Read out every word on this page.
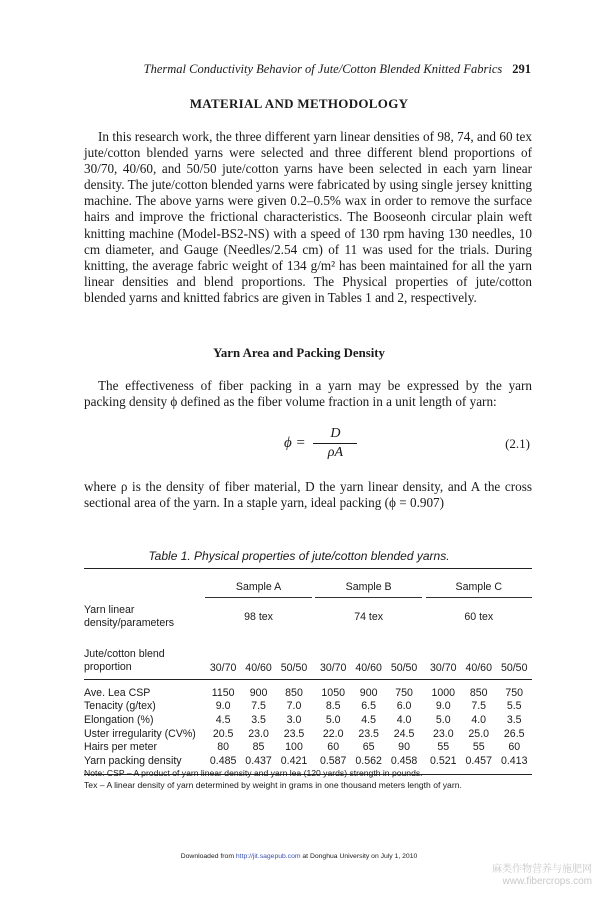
Thermal Conductivity Behavior of Jute/Cotton Blended Knitted Fabrics 291
MATERIAL AND METHODOLOGY

In this research work, the three different yarn linear densities of 98, 74, and 60 tex jute/cotton blended yarns were selected and three different blend proportions of 30/70, 40/60, and 50/50 jute/cotton yarns have been selected in each yarn linear density. The jute/cotton blended yarns were fabricated by using single jersey knitting machine. The above yarns were given 0.2–0.5% wax in order to remove the surface hairs and improve the frictional characteristics. The Booseonh circular plain weft knitting machine (Model-BS2-NS) with a speed of 130 rpm having 130 needles, 10 cm diameter, and Gauge (Needles/2.54 cm) of 11 was used for the trials. During knitting, the average fabric weight of 134 g/m² has been maintained for all the yarn linear densities and blend proportions. The Physical properties of jute/cotton blended yarns and knitted fabrics are given in Tables 1 and 2, respectively.

Yarn Area and Packing Density

The effectiveness of fiber packing in a yarn may be expressed by the yarn packing density ϕ defined as the fiber volume fraction in a unit length of yarn:

$\phi = \frac{D}{\rho A}$	(2.1)

where ρ is the density of fiber material, D the yarn linear density, and A the cross sectional area of the yarn. In a staple yarn, ideal packing (ϕ = 0.907)

Table 1. Physical properties of jute/cotton blended yarns.
	Sample A				Sample B				Sample C		

Yarn linear density/parameters	98 tex				74 tex				60 tex		

Jute/cotton blend proportion	30/70	40/60	50/50		30/70	40/60	50/50		30/70	40/60	50/50
Ave. Lea CSP	1150	900	850		1050	900	750		1000	850	750
Tenacity (g/tex)	9.0	7.5	7.0		8.5	6.5	6.0		9.0	7.5	5.5
Elongation (%)	4.5	3.5	3.0		5.0	4.5	4.0		5.0	4.0	3.5
Uster irregularity (CV%)	20.5	23.0	23.5		22.0	23.5	24.5		23.0	25.0	26.5
Hairs per meter	80	85	100		60	65	90		55	55	60
Yarn packing density	0.485	0.437	0.421		0.587	0.562	0.458		0.521	0.457	0.413
Note: CSP – A product of yarn linear density and yarn lea (120 yards) strength in pounds.
Tex – A linear density of yarn determined by weight in grams in one thousand meters length of yarn.
Downloaded from http://jit.sagepub.com at Donghua University on July 1, 2010
麻类作物营养与施肥网
www.fibercrops.com
